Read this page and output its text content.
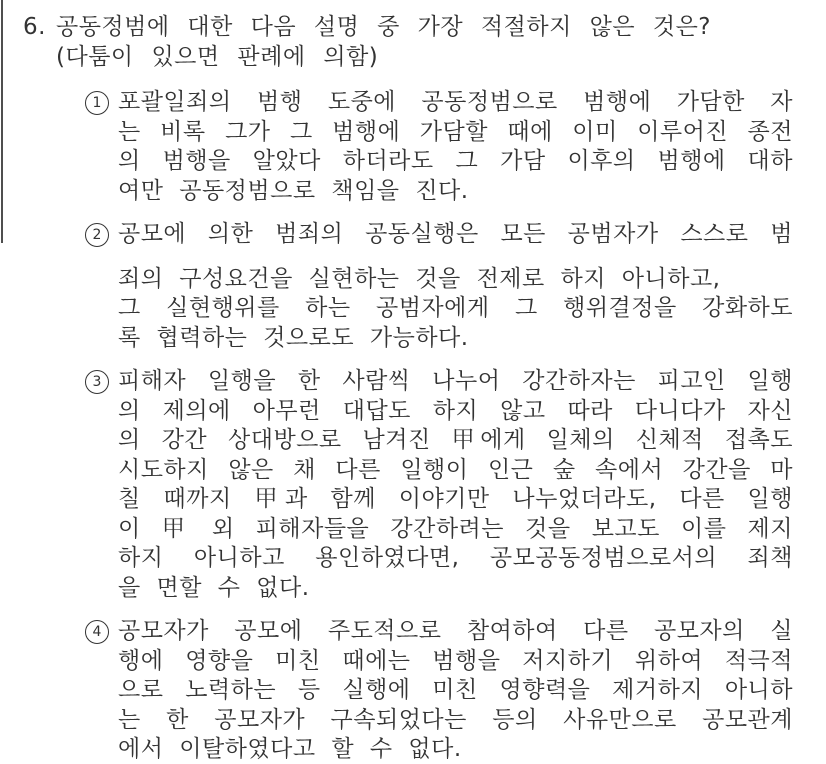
6. 공동정범에 대한 다음 설명 중 가장 적절하지 않은 것은?
(다툼이 있으면 판례에 의함)
1 포괄일죄의 범행 도중에 공동정범으로 범행에 가담한 자
는 비록 그가 그 범행에 가담할 때에 이미 이루어진 종전
의 범행을 알았다 하더라도 그 가담 이후의 범행에 대하
여만 공동정범으로 책임을 진다.
2 공모에 의한 범죄의 공동실행은 모든 공범자가 스스로 범
죄의 구성요건을 실현하는 것을 전제로 하지 아니하고,
그 실현행위를 하는 공범자에게 그 행위결정을 강화하도
록 협력하는 것으로도 가능하다.
3 피해자 일행을 한 사람씩 나누어 강간하자는 피고인 일행
의 제의에 아무런 대답도 하지 않고 따라 다니다가 자신
의 강간 상대방으로 남겨진 甲에게 일체의 신체적 접촉도
시도하지 않은 채 다른 일행이 인근 숲 속에서 강간을 마
칠 때까지 甲과 함께 이야기만 나누었더라도, 다른 일행
이 甲 외 피해자들을 강간하려는 것을 보고도 이를 제지
하지 아니하고 용인하였다면, 공모공동정범으로서의 죄책
을 면할 수 없다.
4 공모자가 공모에 주도적으로 참여하여 다른 공모자의 실
행에 영향을 미친 때에는 범행을 저지하기 위하여 적극적
으로 노력하는 등 실행에 미친 영향력을 제거하지 아니하
는 한 공모자가 구속되었다는 등의 사유만으로 공모관계
에서 이탈하였다고 할 수 없다.
